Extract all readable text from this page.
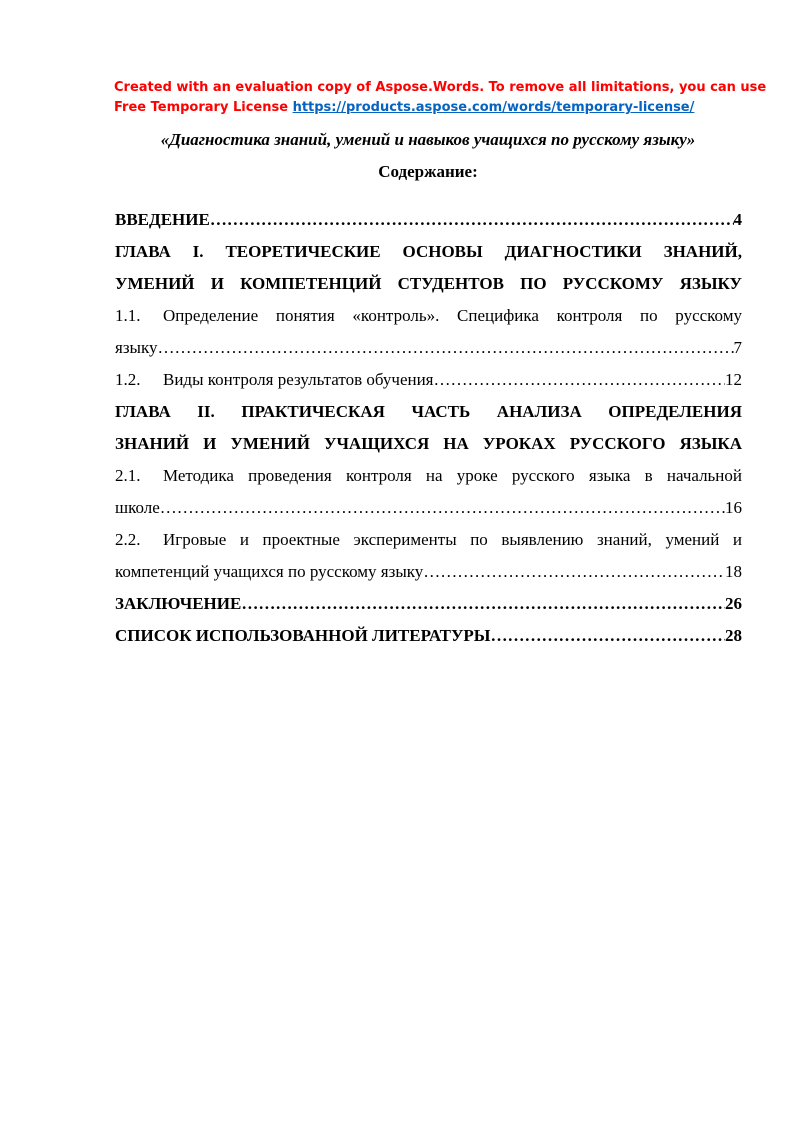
Created with an evaluation copy of Aspose.Words. To remove all limitations, you can use
Free Temporary License https://products.aspose.com/words/temporary-license/
«Диагностика знаний, умений и навыков учащихся по русскому языку»
Содержание:
ВВЕДЕНИЕ …………………………………………………………………………………………………………………………………………………………………………	4
ГЛАВА I. ТЕОРЕТИЧЕСКИЕ ОСНОВЫ ДИАГНОСТИКИ ЗНАНИЙ,
УМЕНИЙ И КОМПЕТЕНЦИЙ СТУДЕНТОВ ПО РУССКОМУ ЯЗЫКУ
1.1. Определение понятия «контроль». Специфика контроля по русскому
языку …………………………………………………………………………………………………………………………………………………………………………	7
1.2. Виды контроля результатов обучения …………………………………………………………………………………………………………………………………………………………………………	12
ГЛАВА II. ПРАКТИЧЕСКАЯ ЧАСТЬ АНАЛИЗА ОПРЕДЕЛЕНИЯ
ЗНАНИЙ И УМЕНИЙ УЧАЩИХСЯ НА УРОКАХ РУССКОГО ЯЗЫКА
2.1. Методика проведения контроля на уроке русского языка в начальной
школе …………………………………………………………………………………………………………………………………………………………………………	16
2.2. Игровые и проектные эксперименты по выявлению знаний, умений и
компетенций учащихся по русскому языку …………………………………………………………………………………………………………………………………………………………………………	18
ЗАКЛЮЧЕНИЕ …………………………………………………………………………………………………………………………………………………………………………	26
СПИСОК ИСПОЛЬЗОВАННОЙ ЛИТЕРАТУРЫ …………………………………………………………………………………………………………………………………………………………………………	28
